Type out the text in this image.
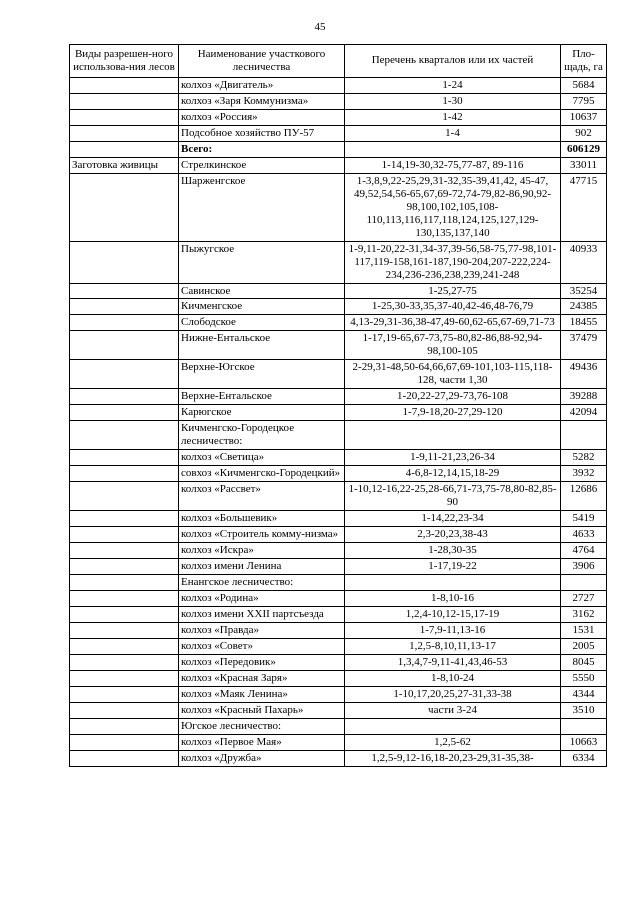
45
Виды разрешен-ного использова-ния лесов	Наименование участкового лесничества	Перечень кварталов или их частей	Пло-щадь, га
	колхоз «Двигатель»	1-24	5684
	колхоз «Заря Коммунизма»	1-30	7795
	колхоз «Россия»	1-42	10637
	Подсобное хозяйство ПУ-57	1-4	902
	Всего:		606129
Заготовка живицы	Стрелкинское	1-14,19-30,32-75,77-87, 89-116	33011
	Шарженгское	1-3,8,9,22-25,29,31-32,35-39,41,42, 45-47, 49,52,54,56-65,67,69-72,74-79,82-86,90,92-98,100,102,105,108-110,113,116,117,118,124,125,127,129-130,135,137,140	47715
	Пыжугское	1-9,11-20,22-31,34-37,39-56,58-75,77-98,101-117,119-158,161-187,190-204,207-222,224-234,236-236,238,239,241-248	40933
	Савинское	1-25,27-75	35254
	Кичменгское	1-25,30-33,35,37-40,42-46,48-76,79	24385
	Слободское	4,13-29,31-36,38-47,49-60,62-65,67-69,71-73	18455
	Нижне-Ентальское	1-17,19-65,67-73,75-80,82-86,88-92,94-98,100-105	37479
	Верхне-Югское	2-29,31-48,50-64,66,67,69-101,103-115,118-128, части 1,30	49436
	Верхне-Ентальское	1-20,22-27,29-73,76-108	39288
	Карюгское	1-7,9-18,20-27,29-120	42094
	Кичменгско-Городецкое лесничество:		
	колхоз «Светица»	1-9,11-21,23,26-34	5282
	совхоз «Кичменгско-Городецкий»	4-6,8-12,14,15,18-29	3932
	колхоз «Рассвет»	1-10,12-16,22-25,28-66,71-73,75-78,80-82,85-90	12686
	колхоз «Большевик»	1-14,22,23-34	5419
	колхоз «Строитель комму-низма»	2,3-20,23,38-43	4633
	колхоз «Искра»	1-28,30-35	4764
	колхоз имени Ленина	1-17,19-22	3906
	Енангское лесничество:		
	колхоз «Родина»	1-8,10-16	2727
	колхоз имени XXII партсъезда	1,2,4-10,12-15,17-19	3162
	колхоз «Правда»	1-7,9-11,13-16	1531
	колхоз «Совет»	1,2,5-8,10,11,13-17	2005
	колхоз «Передовик»	1,3,4,7-9,11-41,43,46-53	8045
	колхоз «Красная Заря»	1-8,10-24	5550
	колхоз «Маяк Ленина»	1-10,17,20,25,27-31,33-38	4344
	колхоз «Красный Пахарь»	части 3-24	3510
	Югское лесничество:		
	колхоз «Первое Мая»	1,2,5-62	10663
	колхоз «Дружба»	1,2,5-9,12-16,18-20,23-29,31-35,38-	6334
